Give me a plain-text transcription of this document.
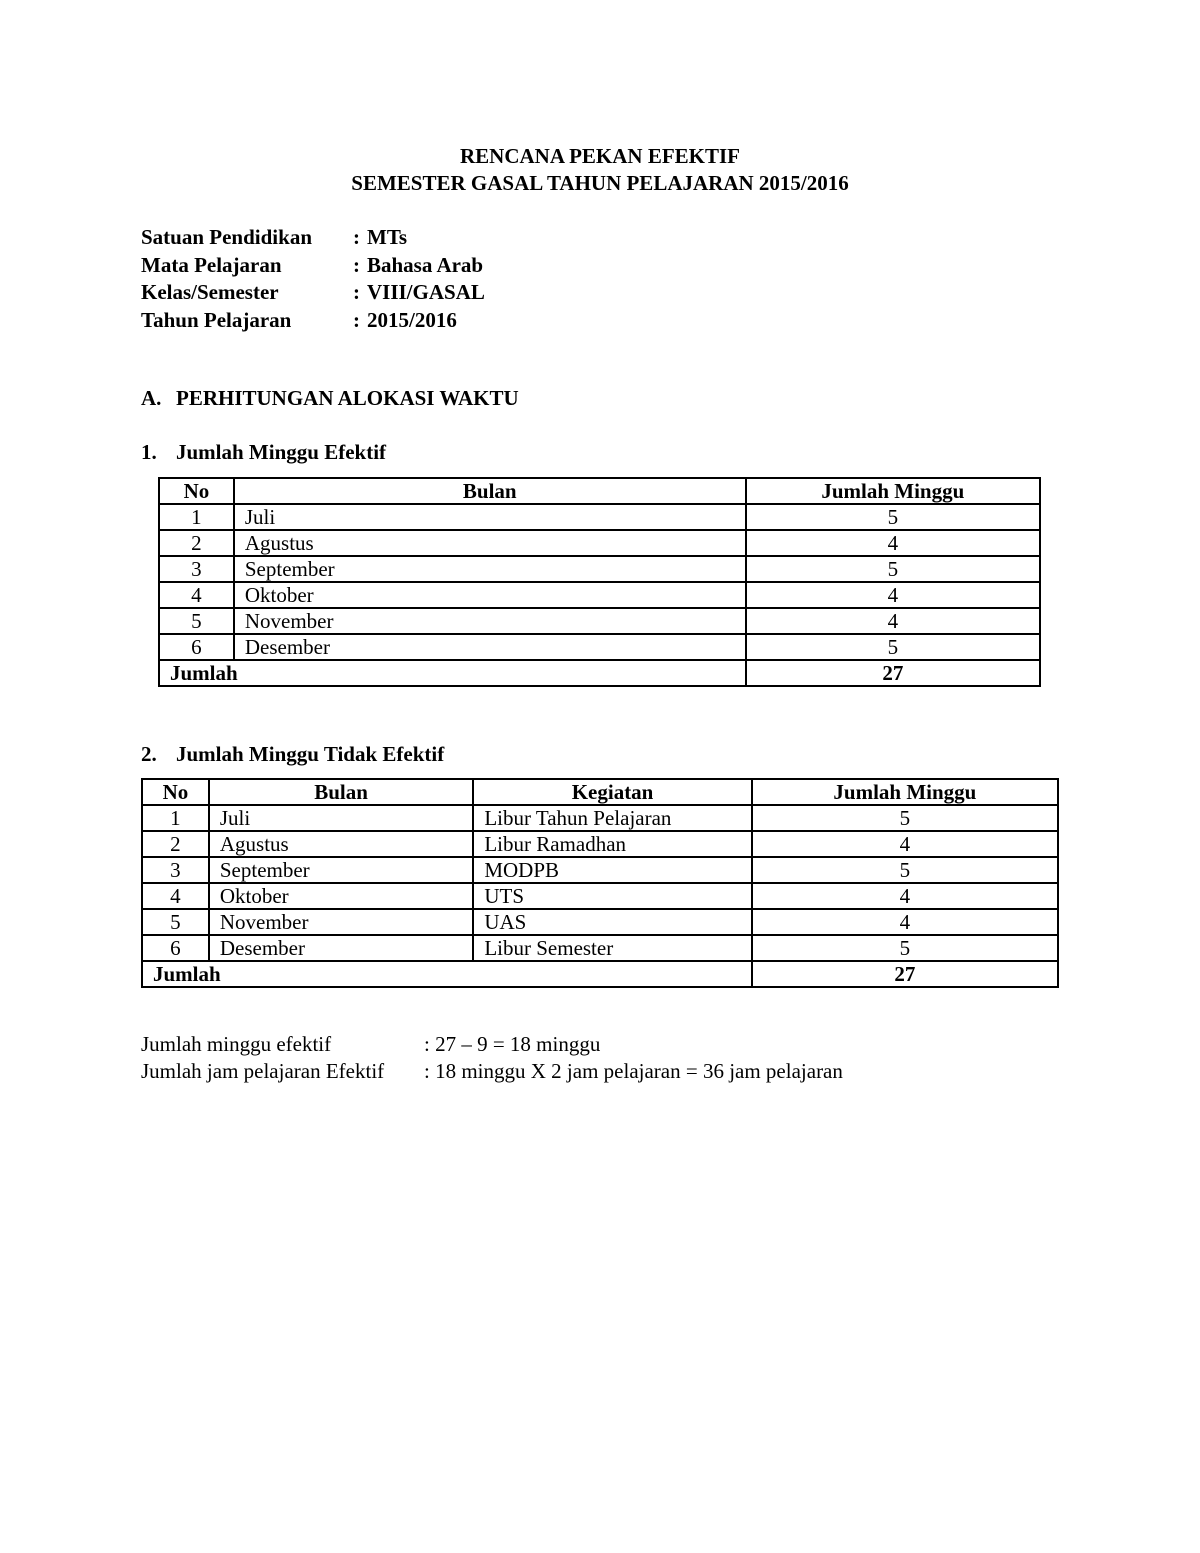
RENCANA PEKAN EFEKTIF
SEMESTER GASAL TAHUN PELAJARAN 2015/2016
Satuan Pendidikan : MTs
Mata Pelajaran	: Bahasa Arab
Kelas/Semester	: VIII/GASAL
Tahun Pelajaran	: 2015/2016
A. PERHITUNGAN ALOKASI WAKTU
1. Jumlah Minggu Efektif
No	Bulan	Jumlah Minggu
1	Juli	5
2	Agustus	4
3	September	5
4	Oktober	4
5	November	4
6	Desember	5
Jumlah		27
2. Jumlah Minggu Tidak Efektif
No	Bulan	Kegiatan	Jumlah Minggu
1	Juli	Libur Tahun Pelajaran	5
2	Agustus	Libur Ramadhan	4
3	September	MODPB	5
4	Oktober	UTS	4
5	November	UAS	4
6	Desember	Libur Semester	5
Jumlah			27
Jumlah minggu efektif	: 27 – 9 = 18 minggu
Jumlah jam pelajaran Efektif : 18 minggu X 2 jam pelajaran = 36 jam pelajaran
